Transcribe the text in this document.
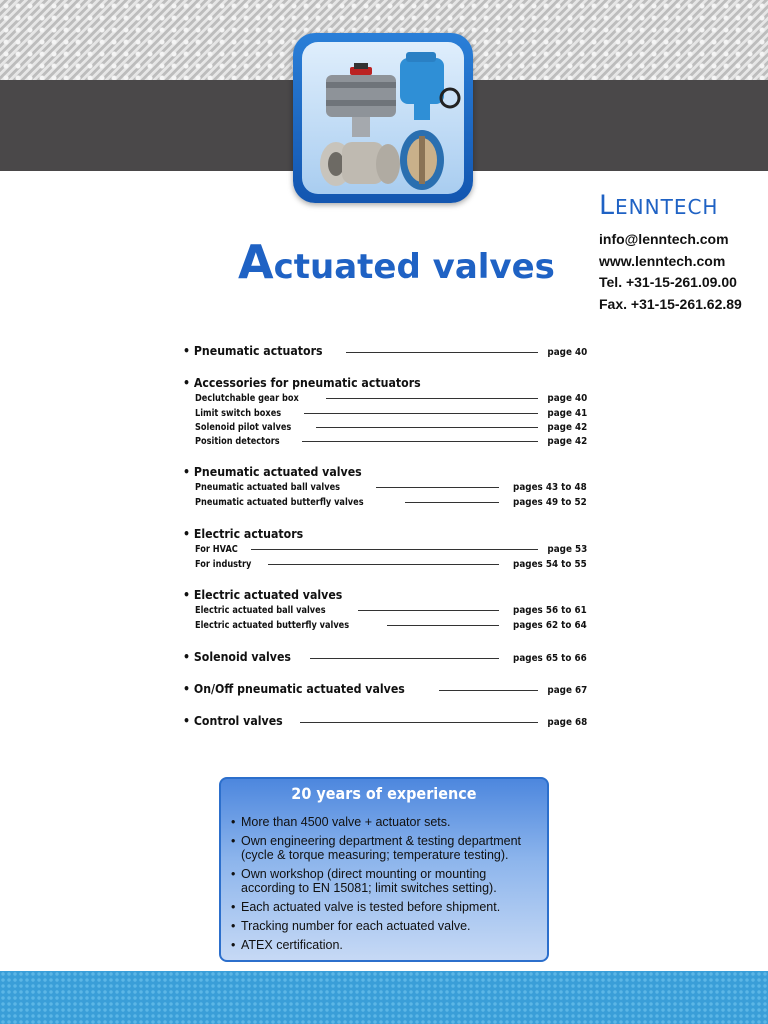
LENNTECH
info@lenntech.com
www.lenntech.com
Tel. +31-15-261.09.00
Fax. +31-15-261.62.89
Actuated valves
• Pneumatic actuators	page 40
• Accessories for pneumatic actuators
Declutchable gear box	page 40
Limit switch boxes	page 41
Solenoid pilot valves	page 42
Position detectors	page 42
• Pneumatic actuated valves
Pneumatic actuated ball valves	pages 43 to 48
Pneumatic actuated butterfly valves	pages 49 to 52
• Electric actuators
For HVAC	page 53
For industry	pages 54 to 55
• Electric actuated valves
Electric actuated ball valves	pages 56 to 61
Electric actuated butterfly valves	pages 62 to 64
• Solenoid valves	pages 65 to 66
• On/Off pneumatic actuated valves	page 67
• Control valves	page 68
20 years of experience
• More than 4500 valve + actuator sets.
• Own engineering department & testing department (cycle & torque measuring; temperature testing).
• Own workshop (direct mounting or mounting according to EN 15081; limit switches setting).
• Each actuated valve is tested before shipment.
• Tracking number for each actuated valve.
• ATEX certification.
